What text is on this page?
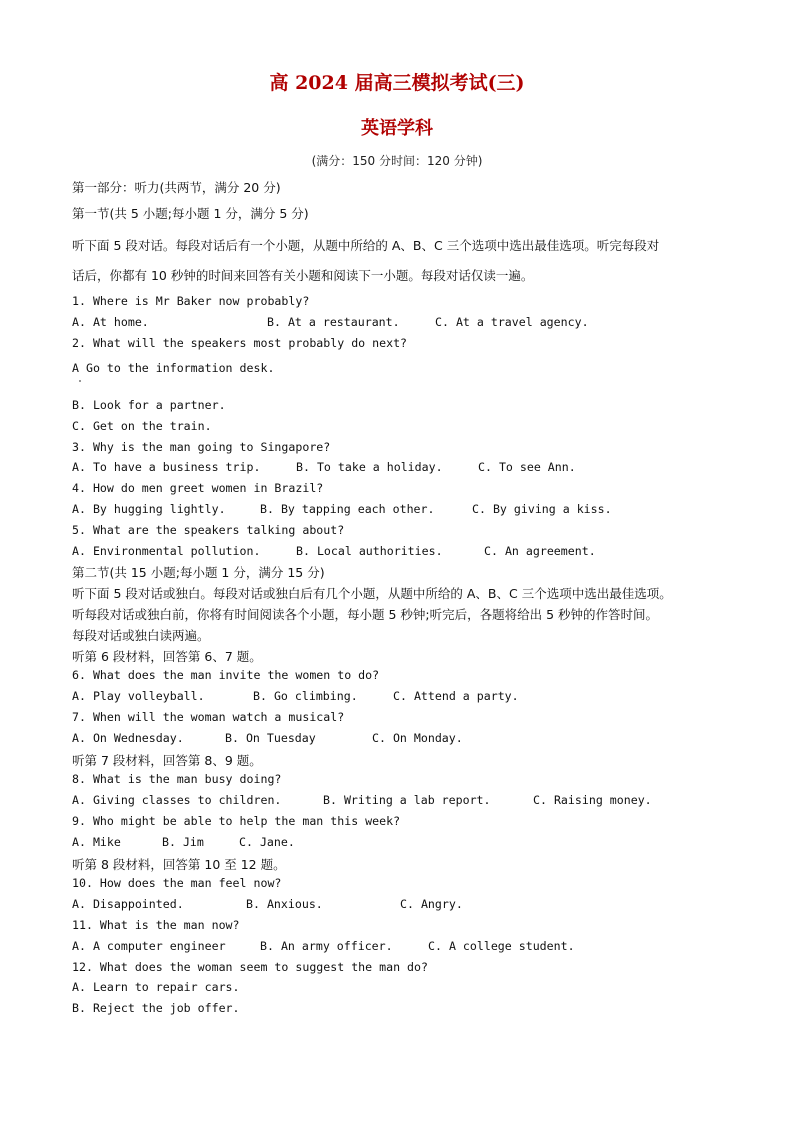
高 2024 届高三模拟考试(三)
英语学科
(满分：150 分时间：120 分钟)
第一部分：听力(共两节，满分 20 分)
第一节(共 5 小题;每小题 1 分，满分 5 分)
听下面 5 段对话。每段对话后有一个小题，从题中所给的 A、B、C 三个选项中选出最佳选项。听完每段对
话后，你都有 10 秒钟的时间来回答有关小题和阅读下一小题。每段对话仅读一遍。
1. Where is Mr Baker now probably?
A. At home.	B. At a restaurant.	C. At a travel agency.
2. What will the speakers most probably do next?
A Go to the information desk.
B. Look for a partner.
C. Get on the train.
3. Why is the man going to Singapore?
A. To have a business trip.	B. To take a holiday.	C. To see Ann.
4. How do men greet women in Brazil?
A. By hugging lightly.	B. By tapping each other.	C. By giving a kiss.
5. What are the speakers talking about?
A. Environmental pollution.	B. Local authorities.	C. An agreement.
第二节(共 15 小题;每小题 1 分，满分 15 分)
听下面 5 段对话或独白。每段对话或独白后有几个小题，从题中所给的 A、B、C 三个选项中选出最佳选项。
听每段对话或独白前，你将有时间阅读各个小题，每小题 5 秒钟;听完后，各题将给出 5 秒钟的作答时间。
每段对话或独白读两遍。
听第 6 段材料，回答第 6、7 题。
6. What does the man invite the women to do?
A. Play volleyball.	B. Go climbing.	C. Attend a party.
7. When will the woman watch a musical?
A. On Wednesday.	B. On Tuesday	C. On Monday.
听第 7 段材料，回答第 8、9 题。
8. What is the man busy doing?
A. Giving classes to children.	B. Writing a lab report.	C. Raising money.
9. Who might be able to help the man this week?
A. Mike	B. Jim	C. Jane.
听第 8 段材料，回答第 10 至 12 题。
10. How does the man feel now?
A. Disappointed.	B. Anxious.	C. Angry.
11. What is the man now?
A. A computer engineer	B. An army officer.	C. A college student.
12. What does the woman seem to suggest the man do?
A. Learn to repair cars.
B. Reject the job offer.
